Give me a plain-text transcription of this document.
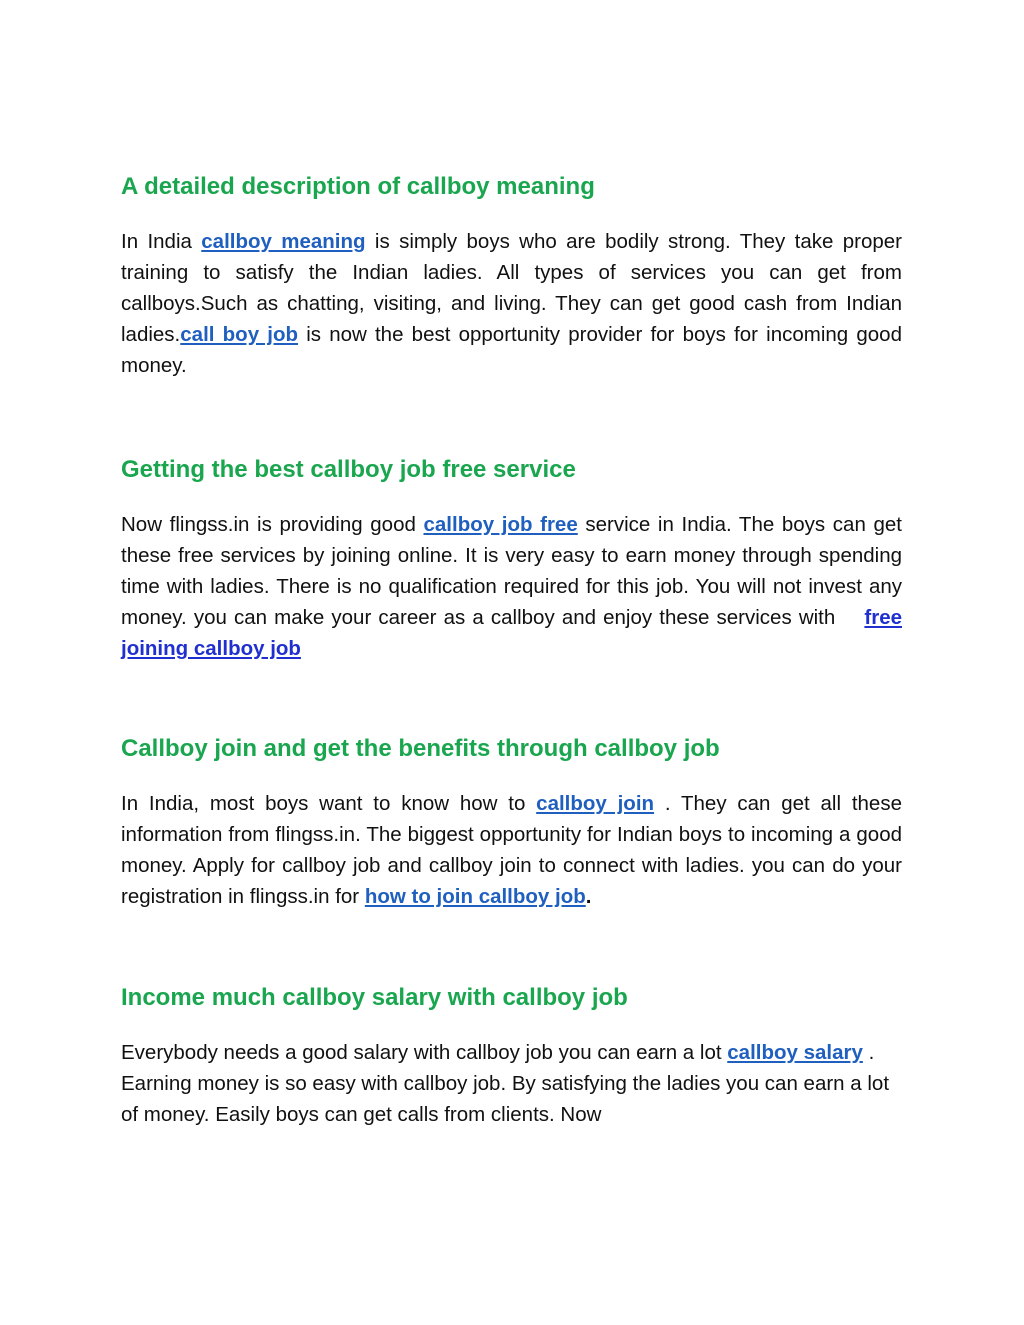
A detailed description of callboy meaning

In India callboy meaning is simply boys who are bodily strong. They take proper training to satisfy the Indian ladies. All types of services you can get from callboys.Such as chatting, visiting, and living. They can get good cash from Indian ladies.call boy job is now the best opportunity provider for boys for incoming good money.

Getting the best callboy job free service

Now flingss.in is providing good callboy job free service in India. The boys can get these free services by joining online. It is very easy to earn money through spending time with ladies. There is no qualification required for this job. You will not invest any money. you can make your career as a callboy and enjoy these services with free joining callboy job

Callboy join and get the benefits through callboy job

In India, most boys want to know how to callboy join . They can get all these information from flingss.in. The biggest opportunity for Indian boys to incoming a good money. Apply for callboy job and callboy join to connect with ladies. you can do your registration in flingss.in for how to join callboy job.

Income much callboy salary with callboy job

Everybody needs a good salary with callboy job you can earn a lot callboy salary . Earning money is so easy with callboy job. By satisfying the ladies you can earn a lot of money. Easily boys can get calls from clients. Now
